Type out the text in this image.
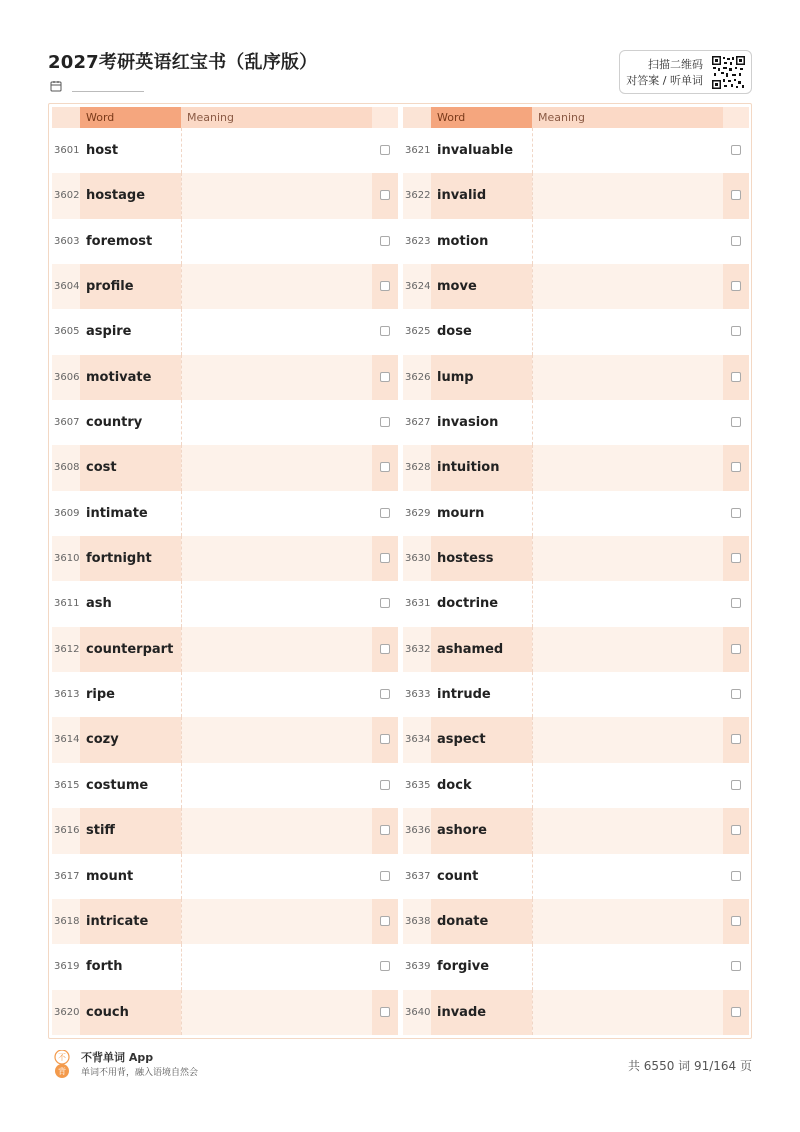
2027考研英语红宝书（乱序版）	扫描二维码
对答案 / 听单词
Word	Meaning
3601 host
3602 hostage
3603 foremost
3604 profile
3605 aspire
3606 motivate
3607 country
3608 cost
3609 intimate
3610 fortnight
3611 ash
3612 counterpart
3613 ripe
3614 cozy
3615 costume
3616 stiff
3617 mount
3618 intricate
3619 forth
3620 couch
Word	Meaning
3621 invaluable
3622 invalid
3623 motion
3624 move
3625 dose
3626 lump
3627 invasion
3628 intuition
3629 mourn
3630 hostess
3631 doctrine
3632 ashamed
3633 intrude
3634 aspect
3635 dock
3636 ashore
3637 count
3638 donate
3639 forgive
3640 invade
不
背
不背单词 App
单词不用背，融入语境自然会	共 6550 词 91/164 页
